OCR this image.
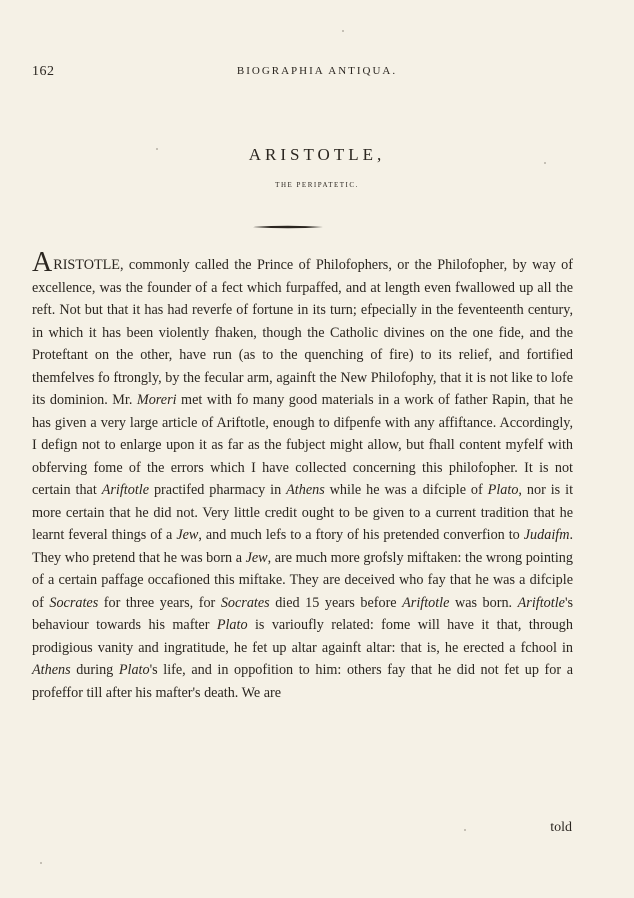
162	BIOGRAPHIA ANTIQUA.
ARISTOTLE,
THE PERIPATETIC.

ARISTOTLE, commonly called the Prince of Philofophers, or the Philofopher, by way of excellence, was the founder of a fect which furpaffed, and at length even fwallowed up all the reft. Not but that it has had reverfe of fortune in its turn; efpecially in the feventeenth century, in which it has been violently fhaken, though the Catholic divines on the one fide, and the Proteftant on the other, have run (as to the quenching of fire) to its relief, and fortified themfelves fo ftrongly, by the fecular arm, againft the New Philofophy, that it is not like to lofe its dominion. Mr. Moreri met with fo many good materials in a work of father Rapin, that he has given a very large article of Ariftotle, enough to difpenfe with any affiftance. Accordingly, I defign not to enlarge upon it as far as the fubject might allow, but fhall content myfelf with obferving fome of the errors which I have collected concerning this philofopher. It is not certain that Ariftotle practifed pharmacy in Athens while he was a difciple of Plato, nor is it more certain that he did not. Very little credit ought to be given to a current tradition that he learnt feveral things of a Jew, and much lefs to a ftory of his pretended converfion to Judaifm. They who pretend that he was born a Jew, are much more grofsly miftaken: the wrong pointing of a certain paffage occafioned this miftake. They are deceived who fay that he was a difciple of Socrates for three years, for Socrates died 15 years before Ariftotle was born. Ariftotle's behaviour towards his mafter Plato is varioufly related: fome will have it that, through prodigious vanity and ingratitude, he fet up altar againft altar: that is, he erected a fchool in Athens during Plato's life, and in oppofition to him: others fay that he did not fet up for a profeffor till after his mafter's death. We are

told
